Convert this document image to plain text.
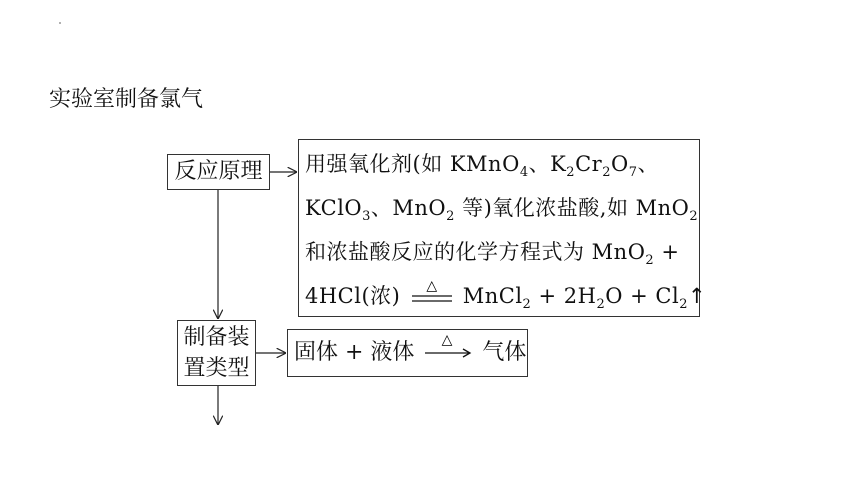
实验室制备氯气
反应原理	用强氧化剂(如 KMnO$_4$、$K_2Cr_2O_7$、
KClO$_3$、MnO$_2$ 等)氧化浓盐酸,如 MnO$_2$
和浓盐酸反应的化学方程式为 MnO$_2$ +
4HCl(浓) △ MnCl$_2$ + $2H_2O$ + $Cl_2↑$
制备装
置类型
固体 + 液体 △ 气体
